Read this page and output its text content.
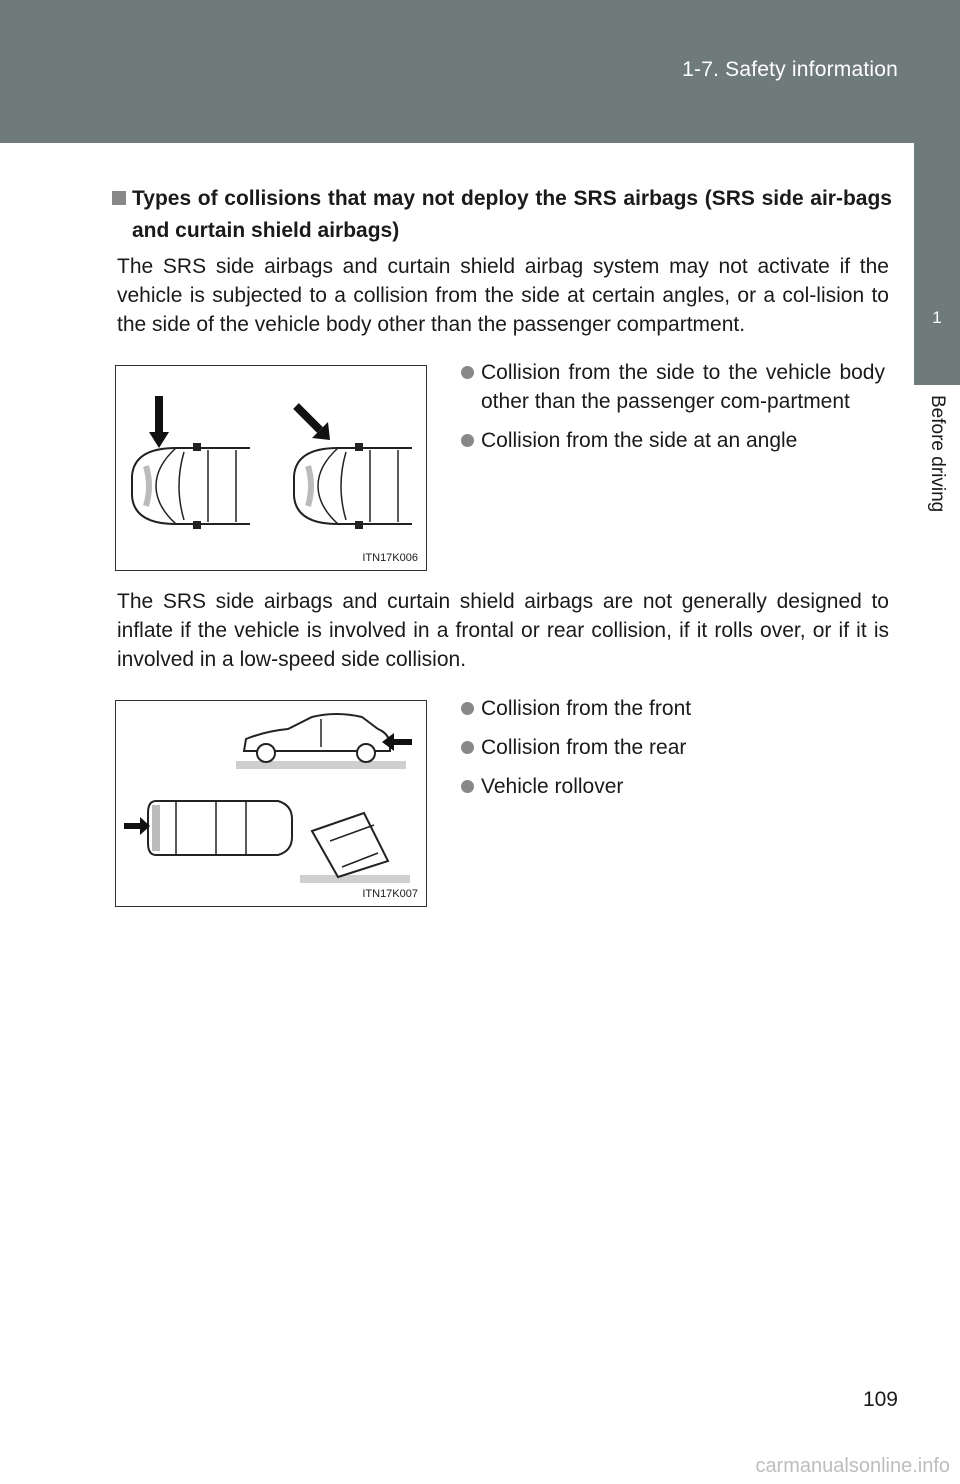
1-7. Safety information
1
Before driving
Types of collisions that may not deploy the SRS airbags (SRS side air-bags and curtain shield airbags)
The SRS side airbags and curtain shield airbag system may not activate if the vehicle is subjected to a collision from the side at certain angles, or a col-lision to the side of the vehicle body other than the passenger compartment.
ITN17K006
Collision from the side to the vehicle body other than the passenger com-partment
Collision from the side at an angle
The SRS side airbags and curtain shield airbags are not generally designed to inflate if the vehicle is involved in a frontal or rear collision, if it rolls over, or if it is involved in a low-speed side collision.
ITN17K007
Collision from the front
Collision from the rear
Vehicle rollover
109
carmanualsonline.info
